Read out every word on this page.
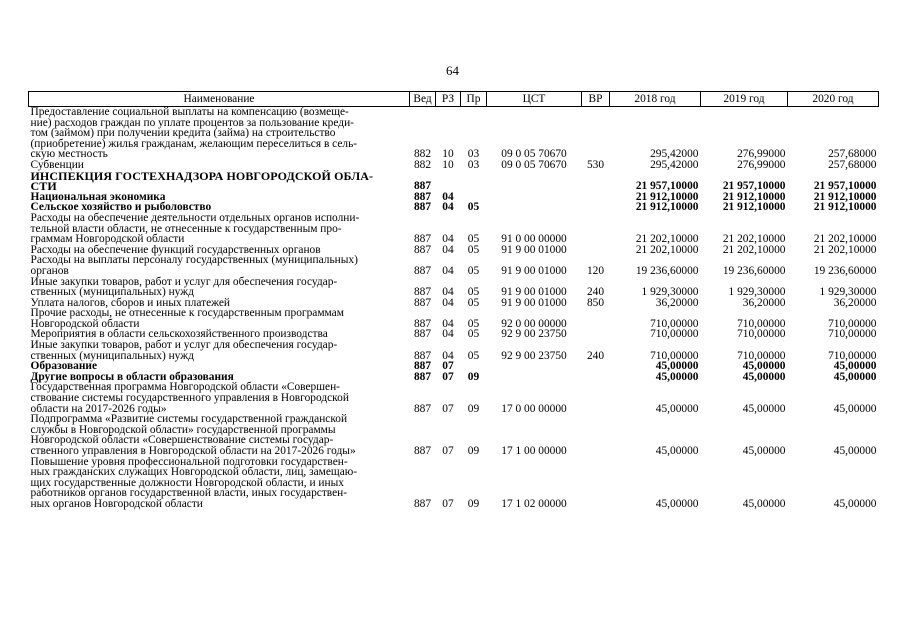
64
Наименование	Вед	РЗ	Пр	ЦСТ	ВР	2018 год	2019 год	2020 год

Предоставление социальной выплаты на компенсацию (возмеще-
ние) расходов граждан по уплате процентов за пользование креди-
том (займом) при получении кредита (займа) на строительство
(приобретение) жилья гражданам, желающим переселиться в сель-
скую местность	882	10	03	09 0 05 70670		295,42000	276,99000	257,68000

Субвенции	882	10	03	09 0 05 70670	530	295,42000	276,99000	257,68000

ИНСПЕКЦИЯ ГОСТЕХНАДЗОРА НОВГОРОДСКОЙ ОБЛА-
СТИ	887					21 957,10000	21 957,10000	21 957,10000

Национальная экономика	887	04				21 912,10000	21 912,10000	21 912,10000

Сельское хозяйство и рыболовство	887	04	05			21 912,10000	21 912,10000	21 912,10000

Расходы на обеспечение деятельности отдельных органов исполни-
тельной власти области, не отнесенные к государственным про-
граммам Новгородской области	887	04	05	91 0 00 00000		21 202,10000	21 202,10000	21 202,10000

Расходы на обеспечение функций государственных органов	887	04	05	91 9 00 01000		21 202,10000	21 202,10000	21 202,10000

Расходы на выплаты персоналу государственных (муниципальных)
органов	887	04	05	91 9 00 01000	120	19 236,60000	19 236,60000	19 236,60000

Иные закупки товаров, работ и услуг для обеспечения государ-
ственных (муниципальных) нужд	887	04	05	91 9 00 01000	240	1 929,30000	1 929,30000	1 929,30000

Уплата налогов, сборов и иных платежей	887	04	05	91 9 00 01000	850	36,20000	36,20000	36,20000

Прочие расходы, не отнесенные к государственным программам
Новгородской области	887	04	05	92 0 00 00000		710,00000	710,00000	710,00000

Мероприятия в области сельскохозяйственного производства	887	04	05	92 9 00 23750		710,00000	710,00000	710,00000

Иные закупки товаров, работ и услуг для обеспечения государ-
ственных (муниципальных) нужд	887	04	05	92 9 00 23750	240	710,00000	710,00000	710,00000

Образование	887	07				45,00000	45,00000	45,00000

Другие вопросы в области образования	887	07	09			45,00000	45,00000	45,00000

Государственная программа Новгородской области «Совершен-
ствование системы государственного управления в Новгородской
области на 2017-2026 годы»	887	07	09	17 0 00 00000		45,00000	45,00000	45,00000

Подпрограмма «Развитие системы государственной гражданской
службы в Новгородской области» государственной программы
Новгородской области «Совершенствование системы государ-
ственного управления в Новгородской области на 2017-2026 годы»	887	07	09	17 1 00 00000		45,00000	45,00000	45,00000

Повышение уровня профессиональной подготовки государствен-
ных гражданских служащих Новгородской области, лиц, замещаю-
щих государственные должности Новгородской области, и иных
работников органов государственной власти, иных государствен-
ных органов Новгородской области	887	07	09	17 1 02 00000		45,00000	45,00000	45,00000
